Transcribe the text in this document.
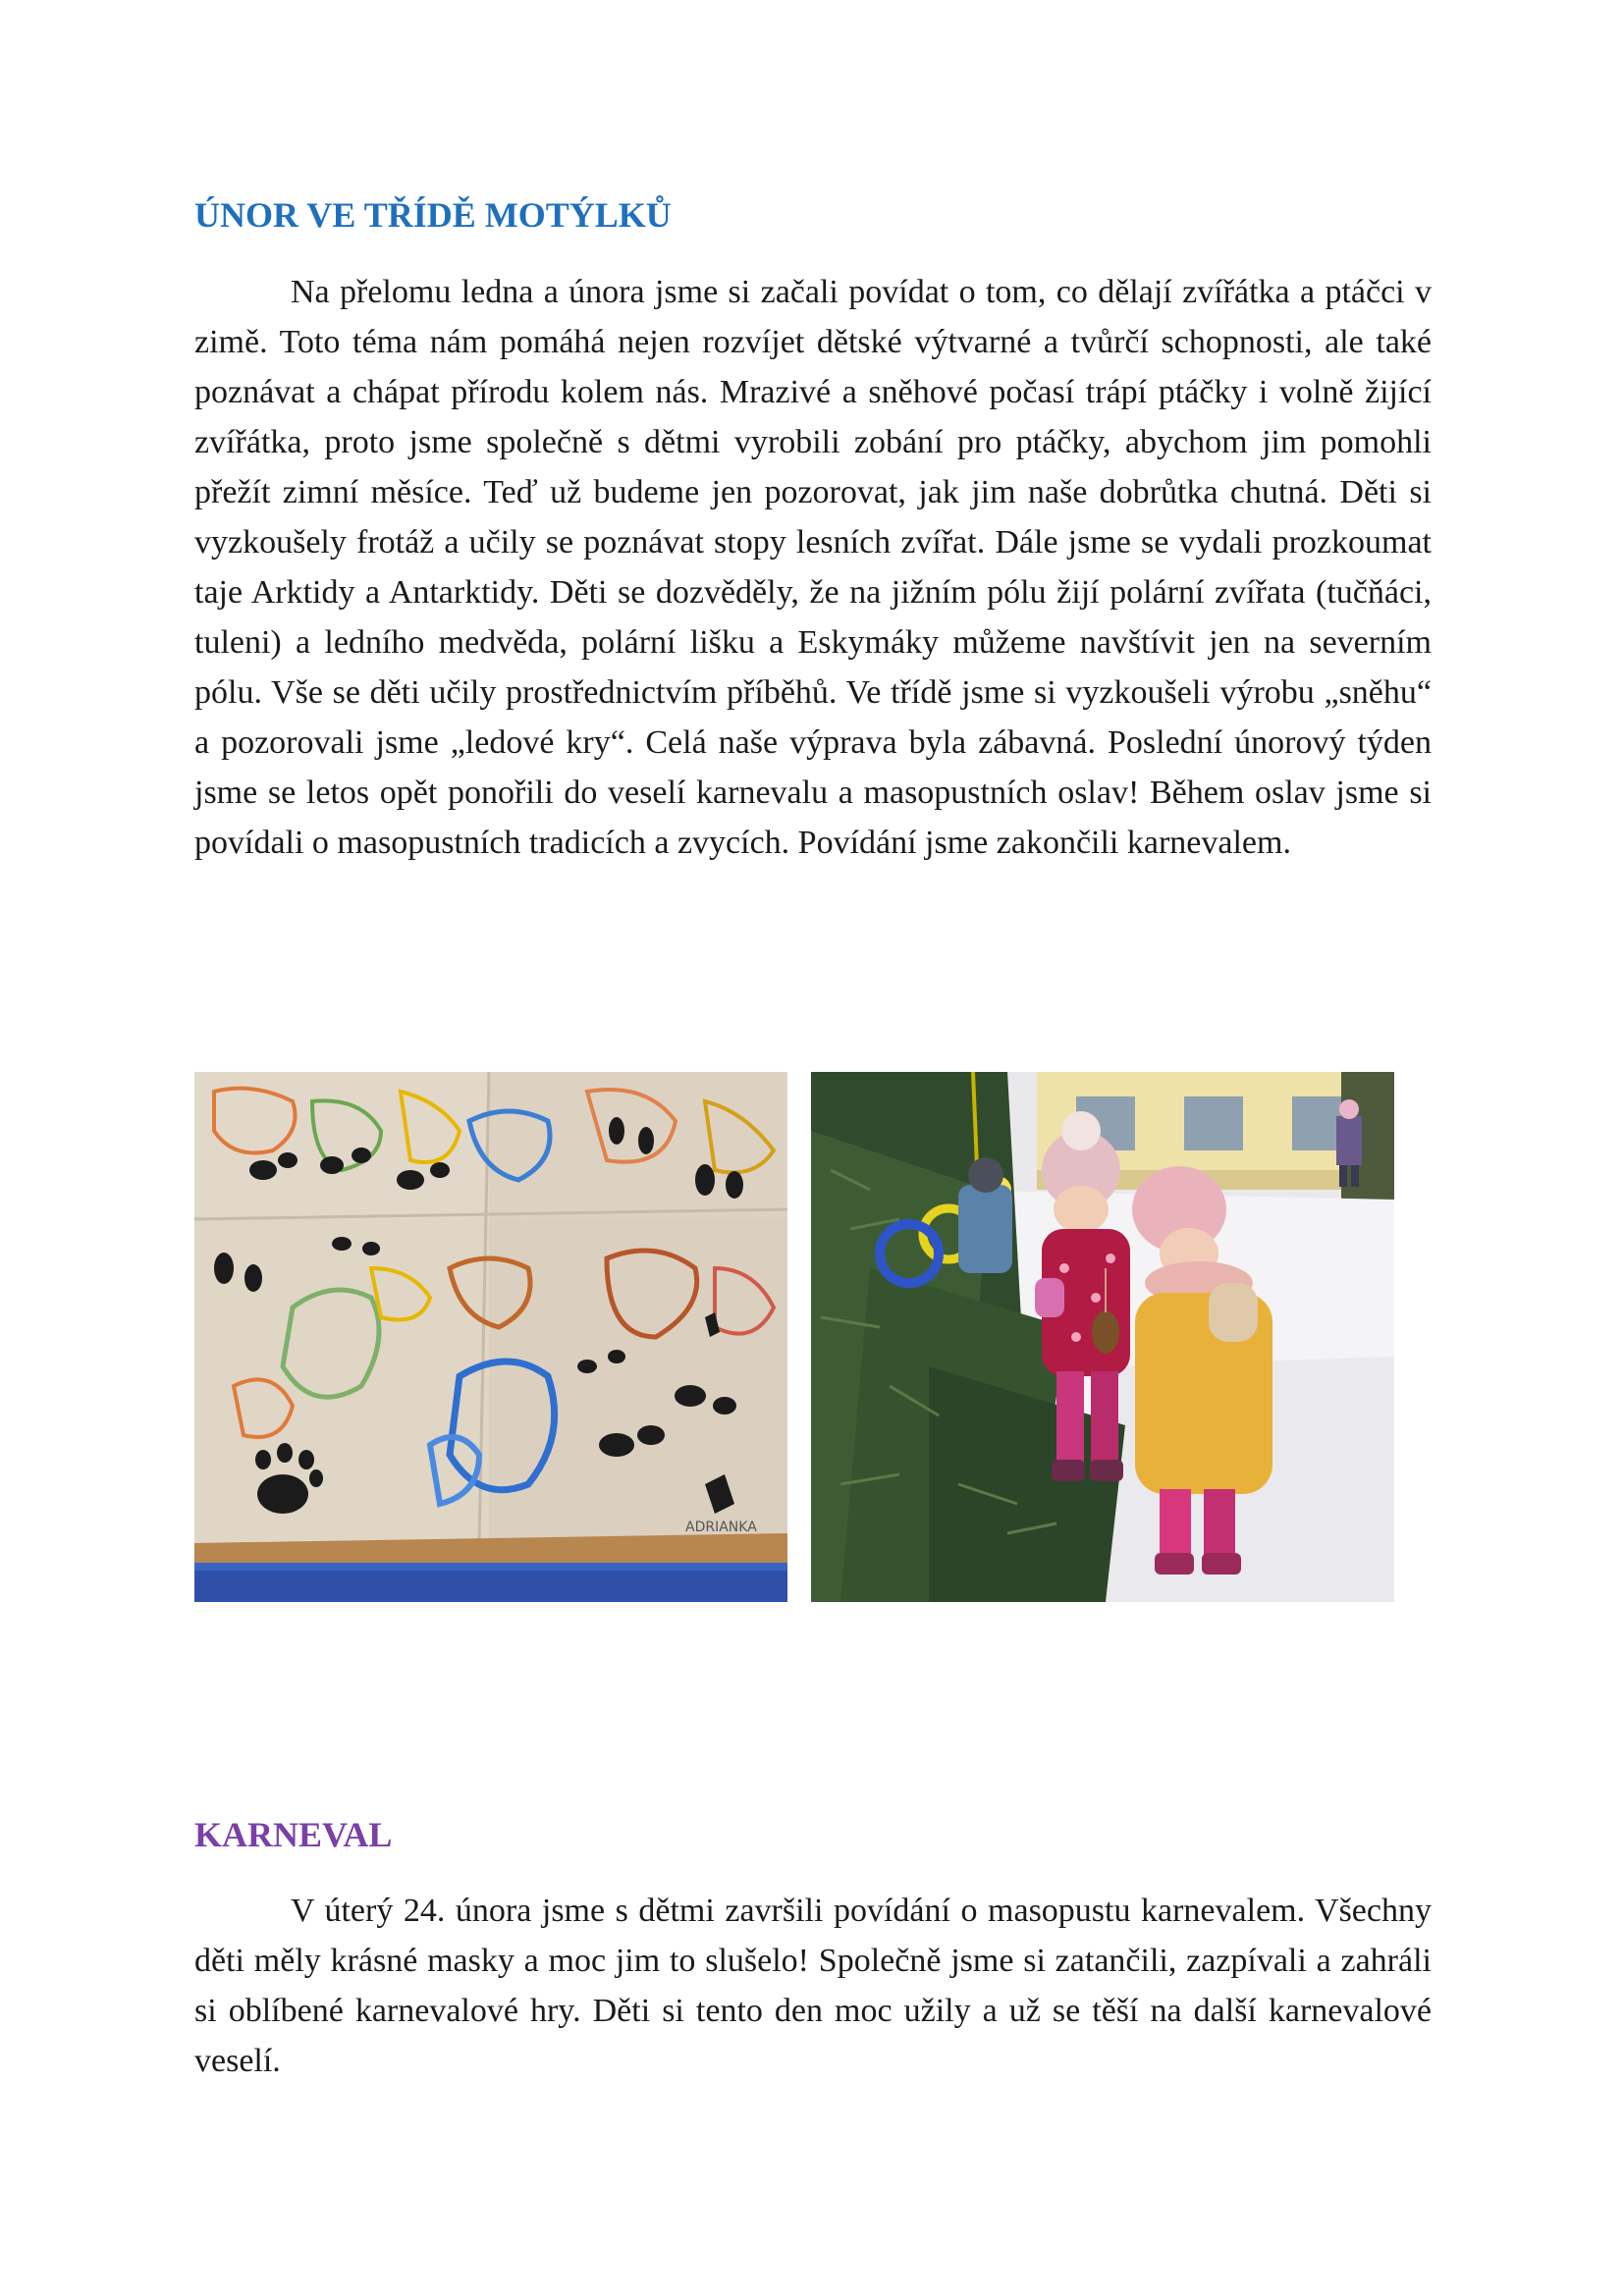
ÚNOR VE TŘÍDĚ MOTÝLKŮ

Na přelomu ledna a února jsme si začali povídat o tom, co dělají zvířátka a ptáčci v zimě. Toto téma nám pomáhá nejen rozvíjet dětské výtvarné a tvůrčí schopnosti, ale také poznávat a chápat přírodu kolem nás. Mrazivé a sněhové počasí trápí ptáčky i volně žijící zvířátka, proto jsme společně s dětmi vyrobili zobání pro ptáčky, abychom jim pomohli přežít zimní měsíce. Teď už budeme jen pozorovat, jak jim naše dobrůtka chutná. Děti si vyzkoušely frotáž a učily se poznávat stopy lesních zvířat. Dále jsme se vydali prozkoumat taje Arktidy a Antarktidy. Děti se dozvěděly, že na jižním pólu žijí polární zvířata (tučňáci, tuleni) a ledního medvěda, polární lišku a Eskymáky můžeme navštívit jen na severním pólu. Vše se děti učily prostřednictvím příběhů. Ve třídě jsme si vyzkoušeli výrobu „sněhu“ a pozorovali jsme „ledové kry“. Celá naše výprava byla zábavná. Poslední únorový týden jsme se letos opět ponořili do veselí karnevalu a masopustních oslav! Během oslav jsme si povídali o masopustních tradicích a zvycích. Povídání jsme zakončili karnevalem.

ADRIANKA
KARNEVAL

V úterý 24. února jsme s dětmi završili povídání o masopustu karnevalem. Všechny děti měly krásné masky a moc jim to slušelo! Společně jsme si zatančili, zazpívali a zahráli si oblíbené karnevalové hry. Děti si tento den moc užily a už se těší na další karnevalové veselí.
